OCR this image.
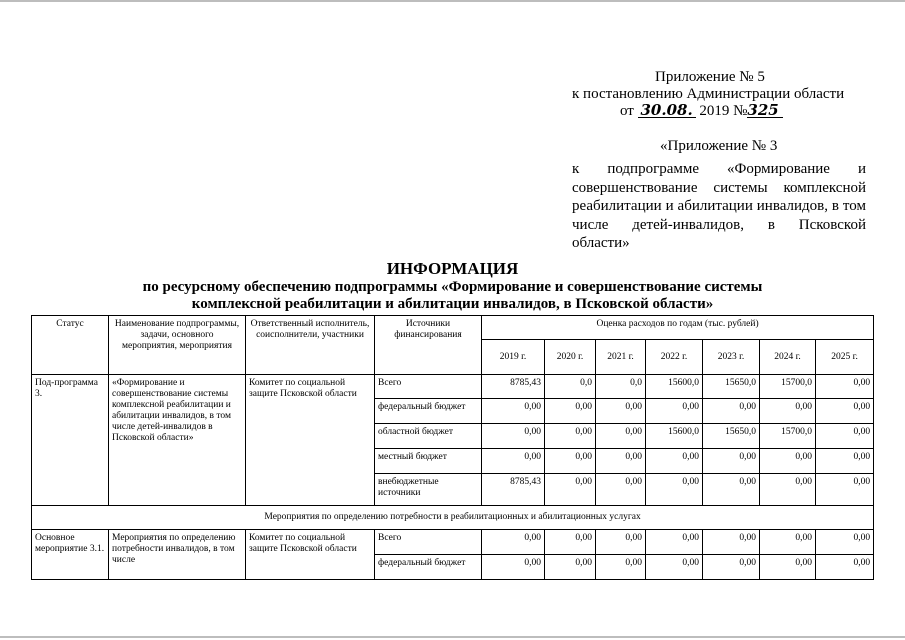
Приложение № 5
к постановлению Администрации области
от 30.08. 2019 №325
«Приложение № 3
к подпрограмме «Формирование и совершенствование системы комплексной реабилитации и абилитации инвалидов, в том числе детей-инвалидов, в Псковской области»
ИНФОРМАЦИЯ
по ресурсному обеспечению подпрограммы «Формирование и совершенствование системы
комплексной реабилитации и абилитации инвалидов, в Псковской области»
Статус	Наименование подпрограммы, задачи, основного мероприятия, мероприятия	Ответственный исполнитель, соисполнители, участники	Источники финансирования	Оценка расходов по годам (тыс. рублей)						
				2019 г.	2020 г.	2021 г.	2022 г.	2023 г.	2024 г.	2025 г.
Под-программа 3.	«Формирование и совершенствование системы комплексной реабилитации и абилитации инвалидов, в том числе детей-инвалидов в Псковской области»	Комитет по социальной защите Псковской области	Всего	8785,43	0,0	0,0	15600,0	15650,0	15700,0	0,00
			федеральный бюджет	0,00	0,00	0,00	0,00	0,00	0,00	0,00
			областной бюджет	0,00	0,00	0,00	15600,0	15650,0	15700,0	0,00
			местный бюджет	0,00	0,00	0,00	0,00	0,00	0,00	0,00
			внебюджетные источники	8785,43	0,00	0,00	0,00	0,00	0,00	0,00
Мероприятия по определению потребности в реабилитационных и абилитационных услугах										
Основное мероприятие 3.1.	Мероприятия по определению потребности инвалидов, в том числе	Комитет по социальной защите Псковской области	Всего	0,00	0,00	0,00	0,00	0,00	0,00	0,00
			федеральный бюджет	0,00	0,00	0,00	0,00	0,00	0,00	0,00
